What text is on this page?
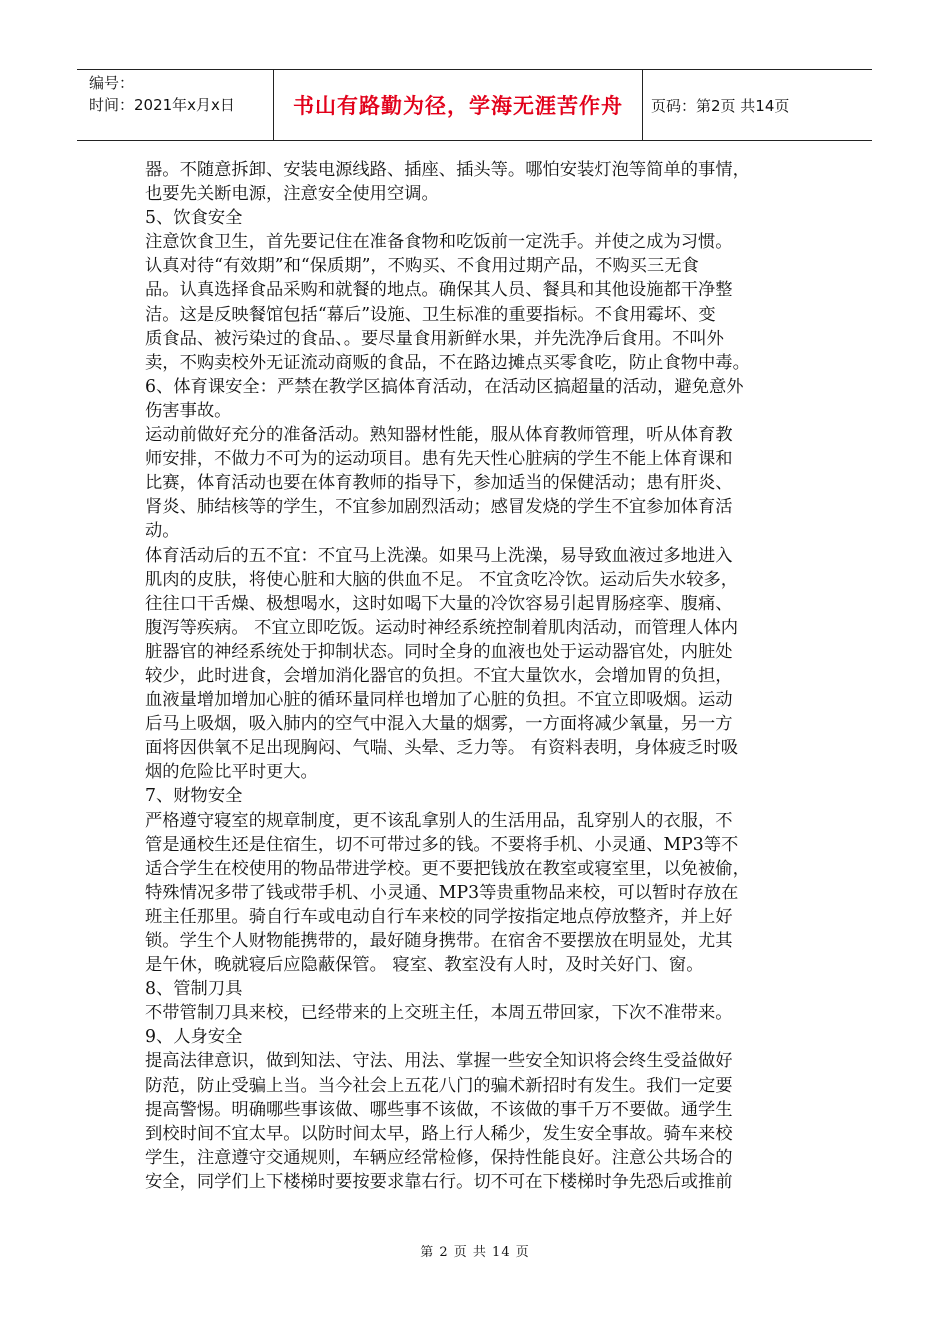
编号：
时间：2021年x月x日	书山有路勤为径，学海无涯苦作舟	页码：第2页 共14页
器。不随意拆卸、安装电源线路、插座、插头等。哪怕安装灯泡等简单的事情，
也要先关断电源，注意安全使用空调。
5、饮食安全
注意饮食卫生，首先要记住在准备食物和吃饭前一定洗手。并使之成为习惯。
认真对待“有效期”和“保质期”，不购买、不食用过期产品，不购买三无食
品。认真选择食品采购和就餐的地点。确保其人员、餐具和其他设施都干净整
洁。这是反映餐馆包括“幕后”设施、卫生标准的重要指标。不食用霉坏、变
质食品、被污染过的食品、。要尽量食用新鲜水果，并先洗净后食用。不叫外
卖，不购卖校外无证流动商贩的食品，不在路边摊点买零食吃，防止食物中毒。
6、体育课安全：严禁在教学区搞体育活动，在活动区搞超量的活动，避免意外
伤害事故。
运动前做好充分的准备活动。熟知器材性能，服从体育教师管理，听从体育教
师安排，不做力不可为的运动项目。患有先天性心脏病的学生不能上体育课和
比赛，体育活动也要在体育教师的指导下，参加适当的保健活动；患有肝炎、
肾炎、肺结核等的学生，不宜参加剧烈活动；感冒发烧的学生不宜参加体育活
动。
体育活动后的五不宜：不宜马上洗澡。如果马上洗澡，易导致血液过多地进入
肌肉的皮肤，将使心脏和大脑的供血不足。 不宜贪吃冷饮。运动后失水较多，
往往口干舌燥、极想喝水，这时如喝下大量的冷饮容易引起胃肠痉挛、腹痛、
腹泻等疾病。 不宜立即吃饭。运动时神经系统控制着肌肉活动，而管理人体内
脏器官的神经系统处于抑制状态。同时全身的血液也处于运动器官处，内脏处
较少，此时进食，会增加消化器官的负担。不宜大量饮水，会增加胃的负担，
血液量增加增加心脏的循环量同样也增加了心脏的负担。不宜立即吸烟。运动
后马上吸烟，吸入肺内的空气中混入大量的烟雾，一方面将减少氧量，另一方
面将因供氧不足出现胸闷、气喘、头晕、乏力等。 有资料表明，身体疲乏时吸
烟的危险比平时更大。
7、财物安全
严格遵守寝室的规章制度，更不该乱拿别人的生活用品，乱穿别人的衣服，不
管是通校生还是住宿生，切不可带过多的钱。不要将手机、小灵通、MP3等不
适合学生在校使用的物品带进学校。更不要把钱放在教室或寝室里，以免被偷，
特殊情况多带了钱或带手机、小灵通、MP3等贵重物品来校，可以暂时存放在
班主任那里。骑自行车或电动自行车来校的同学按指定地点停放整齐，并上好
锁。学生个人财物能携带的，最好随身携带。在宿舍不要摆放在明显处，尤其
是午休，晚就寝后应隐蔽保管。 寝室、教室没有人时，及时关好门、窗。
8、管制刀具
不带管制刀具来校，已经带来的上交班主任，本周五带回家，下次不准带来。
9、人身安全
提高法律意识，做到知法、守法、用法、掌握一些安全知识将会终生受益做好
防范，防止受骗上当。当今社会上五花八门的骗术新招时有发生。我们一定要
提高警惕。明确哪些事该做、哪些事不该做，不该做的事千万不要做。通学生
到校时间不宜太早。以防时间太早，路上行人稀少，发生安全事故。骑车来校
学生，注意遵守交通规则，车辆应经常检修，保持性能良好。注意公共场合的
安全，同学们上下楼梯时要按要求靠右行。切不可在下楼梯时争先恐后或推前
第 2 页 共 14 页
